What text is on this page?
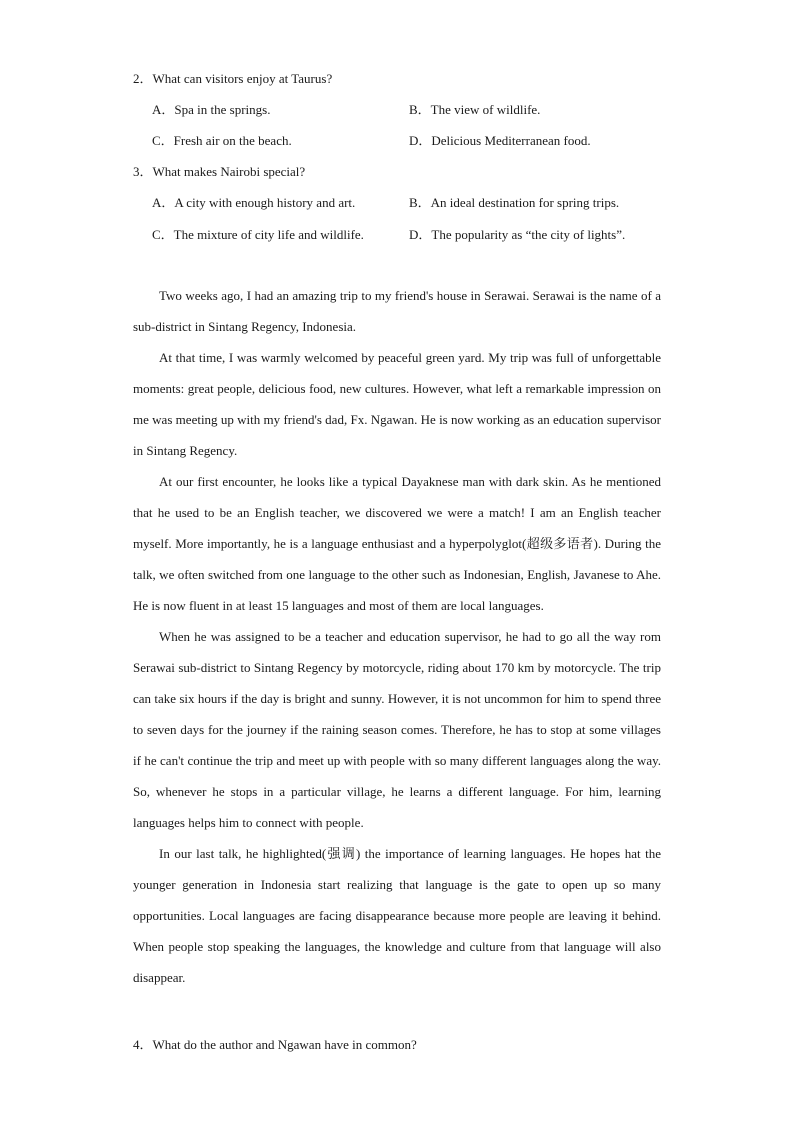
2．What can visitors enjoy at Taurus?
A．Spa in the springs.	B．The view of wildlife.
C．Fresh air on the beach.	D．Delicious Mediterranean food.
3．What makes Nairobi special?
A．A city with enough history and art.	B．An ideal destination for spring trips.
C．The mixture of city life and wildlife.	D．The popularity as “the city of lights”.

Two weeks ago, I had an amazing trip to my friend's house in Serawai. Serawai is the name of a sub-district in Sintang Regency, Indonesia.

At that time, I was warmly welcomed by peaceful green yard. My trip was full of unforgettable moments: great people, delicious food, new cultures. However, what left a remarkable impression on me was meeting up with my friend's dad, Fx. Ngawan. He is now working as an education supervisor in Sintang Regency.

At our first encounter, he looks like a typical Dayaknese man with dark skin. As he mentioned that he used to be an English teacher, we discovered we were a match! I am an English teacher myself. More importantly, he is a language enthusiast and a hyperpolyglot(超级多语者). During the talk, we often switched from one language to the other such as Indonesian, English, Javanese to Ahe. He is now fluent in at least 15 languages and most of them are local languages.

When he was assigned to be a teacher and education supervisor, he had to go all the way rom Serawai sub-district to Sintang Regency by motorcycle, riding about 170 km by motorcycle. The trip can take six hours if the day is bright and sunny. However, it is not uncommon for him to spend three to seven days for the journey if the raining season comes. Therefore, he has to stop at some villages if he can't continue the trip and meet up with people with so many different languages along the way. So, whenever he stops in a particular village, he learns a different language. For him, learning languages helps him to connect with people.

In our last talk, he highlighted(强调) the importance of learning languages. He hopes hat the younger generation in Indonesia start realizing that language is the gate to open up so many opportunities. Local languages are facing disappearance because more people are leaving it behind. When people stop speaking the languages, the knowledge and culture from that language will also disappear.

4．What do the author and Ngawan have in common?
